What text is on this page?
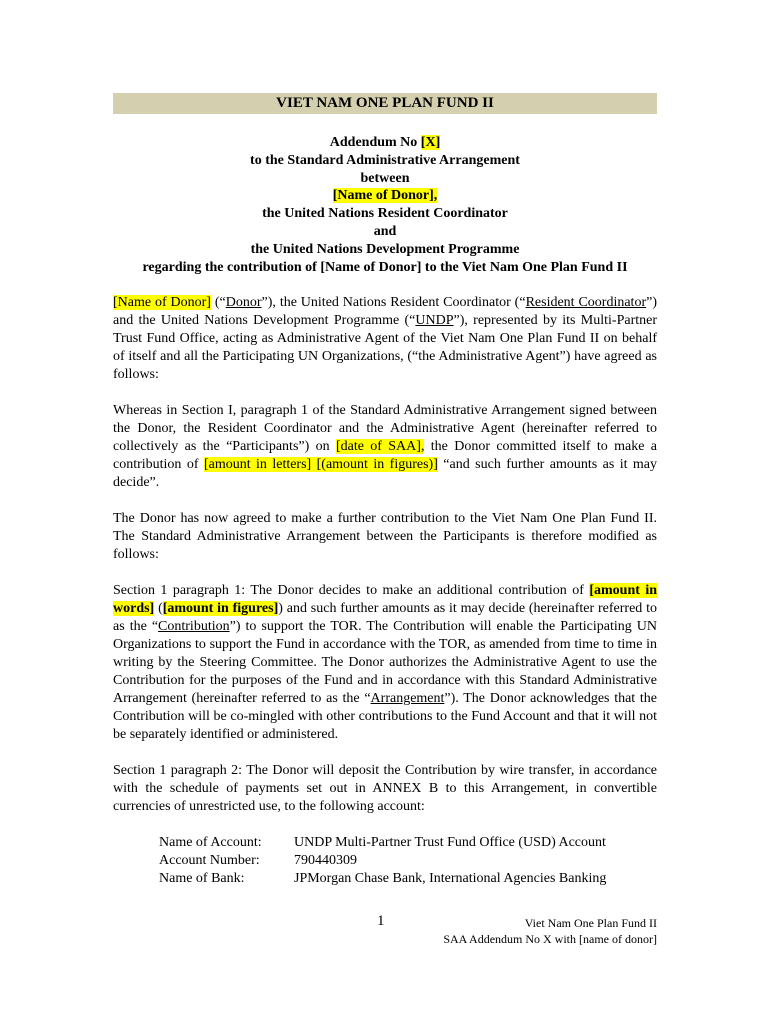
VIET NAM ONE PLAN FUND II
Addendum No [X]
to the Standard Administrative Arrangement
between
[Name of Donor],
the United Nations Resident Coordinator
and
the United Nations Development Programme
regarding the contribution of [Name of Donor] to the Viet Nam One Plan Fund II

[Name of Donor] (“Donor”), the United Nations Resident Coordinator (“Resident Coordinator”) and the United Nations Development Programme (“UNDP”), represented by its Multi-Partner Trust Fund Office, acting as Administrative Agent of the Viet Nam One Plan Fund II on behalf of itself and all the Participating UN Organizations, (“the Administrative Agent”) have agreed as follows:

Whereas in Section I, paragraph 1 of the Standard Administrative Arrangement signed between the Donor, the Resident Coordinator and the Administrative Agent (hereinafter referred to collectively as the “Participants”) on [date of SAA], the Donor committed itself to make a contribution of [amount in letters] [(amount in figures)] “and such further amounts as it may decide”.

The Donor has now agreed to make a further contribution to the Viet Nam One Plan Fund II. The Standard Administrative Arrangement between the Participants is therefore modified as follows:

Section 1 paragraph 1: The Donor decides to make an additional contribution of [amount in words] ([amount in figures]) and such further amounts as it may decide (hereinafter referred to as the “Contribution”) to support the TOR. The Contribution will enable the Participating UN Organizations to support the Fund in accordance with the TOR, as amended from time to time in writing by the Steering Committee. The Donor authorizes the Administrative Agent to use the Contribution for the purposes of the Fund and in accordance with this Standard Administrative Arrangement (hereinafter referred to as the “Arrangement”). The Donor acknowledges that the Contribution will be co-mingled with other contributions to the Fund Account and that it will not be separately identified or administered.

Section 1 paragraph 2: The Donor will deposit the Contribution by wire transfer, in accordance with the schedule of payments set out in ANNEX B to this Arrangement, in convertible currencies of unrestricted use, to the following account:

Name of Account:	UNDP Multi-Partner Trust Fund Office (USD) Account
Account Number:	790440309
Name of Bank:	JPMorgan Chase Bank, International Agencies Banking
1	Viet Nam One Plan Fund II
SAA Addendum No X with [name of donor]
